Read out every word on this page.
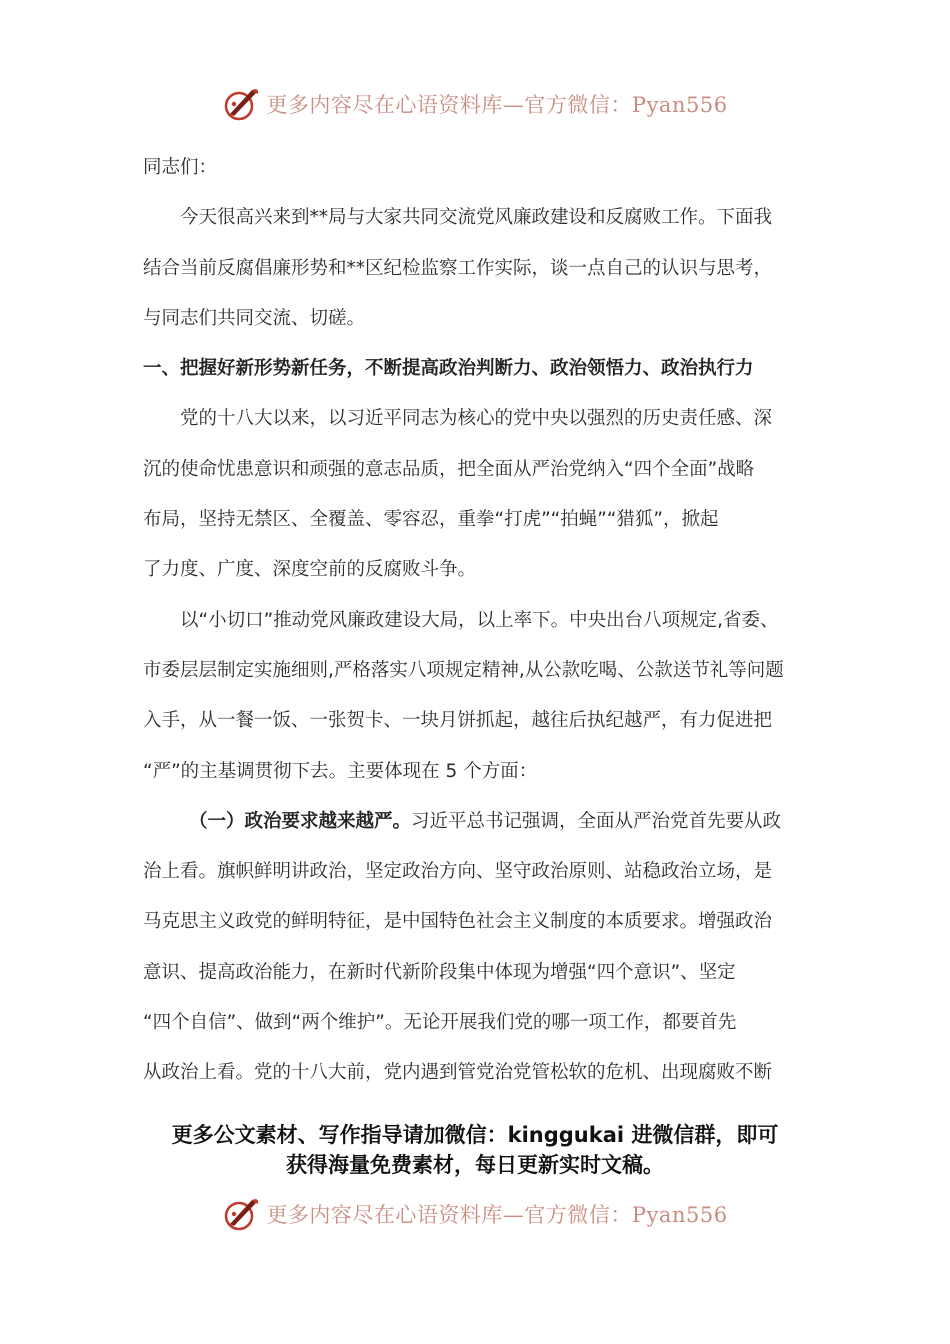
更多内容尽在心语资料库—官方微信：Pyan556
同志们：
今天很高兴来到**局与大家共同交流党风廉政建设和反腐败工作。下面我
结合当前反腐倡廉形势和**区纪检监察工作实际，谈一点自己的认识与思考，
与同志们共同交流、切磋。
一、把握好新形势新任务，不断提高政治判断力、政治领悟力、政治执行力
党的十八大以来，以习近平同志为核心的党中央以强烈的历史责任感、深
沉的使命忧患意识和顽强的意志品质，把全面从严治党纳入“四个全面”战略
布局，坚持无禁区、全覆盖、零容忍，重拳“打虎”“拍蝇”“猎狐”，掀起
了力度、广度、深度空前的反腐败斗争。
以“小切口”推动党风廉政建设大局，以上率下。中央出台八项规定,省委、
市委层层制定实施细则,严格落实八项规定精神,从公款吃喝、公款送节礼等问题
入手，从一餐一饭、一张贺卡、一块月饼抓起，越往后执纪越严，有力促进把
“严”的主基调贯彻下去。主要体现在 5 个方面：
（一）政治要求越来越严。习近平总书记强调，全面从严治党首先要从政
治上看。旗帜鲜明讲政治，坚定政治方向、坚守政治原则、站稳政治立场，是
马克思主义政党的鲜明特征，是中国特色社会主义制度的本质要求。增强政治
意识、提高政治能力，在新时代新阶段集中体现为增强“四个意识”、坚定
“四个自信”、做到“两个维护”。无论开展我们党的哪一项工作，都要首先
从政治上看。党的十八大前，党内遇到管党治党管松软的危机、出现腐败不断
更多公文素材、写作指导请加微信：kinggukai 进微信群，即可
获得海量免费素材，每日更新实时文稿。
更多内容尽在心语资料库—官方微信：Pyan556
